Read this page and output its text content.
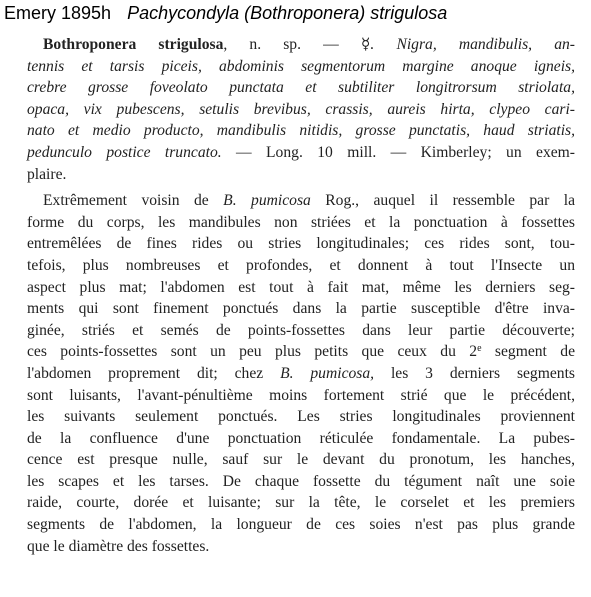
Emery 1895h Pachycondyla (Bothroponera) strigulosa
Bothroponera strigulosa, n. sp. — ☿. Nigra, mandibulis, an-
tennis et tarsis piceis, abdominis segmentorum margine anoque igneis,
crebre grosse foveolato punctata et subtiliter longitrorsum striolata,
opaca, vix pubescens, setulis brevibus, crassis, aureis hirta, clypeo cari-
nato et medio producto, mandibulis nitidis, grosse punctatis, haud striatis,
pedunculo postice truncato. — Long. 10 mill. — Kimberley; un exem-
plaire.
Extrêmement voisin de B. pumicosa Rog., auquel il ressemble par la
forme du corps, les mandibules non striées et la ponctuation à fossettes
entremêlées de fines rides ou stries longitudinales; ces rides sont, tou-
tefois, plus nombreuses et profondes, et donnent à tout l'Insecte un
aspect plus mat; l'abdomen est tout à fait mat, même les derniers seg-
ments qui sont finement ponctués dans la partie susceptible d'être inva-
ginée, striés et semés de points-fossettes dans leur partie découverte;
ces points-fossettes sont un peu plus petits que ceux du 2e segment de
l'abdomen proprement dit; chez B. pumicosa, les 3 derniers segments
sont luisants, l'avant-pénultième moins fortement strié que le précédent,
les suivants seulement ponctués. Les stries longitudinales proviennent
de la confluence d'une ponctuation réticulée fondamentale. La pubes-
cence est presque nulle, sauf sur le devant du pronotum, les hanches,
les scapes et les tarses. De chaque fossette du tégument naît une soie
raide, courte, dorée et luisante; sur la tête, le corselet et les premiers
segments de l'abdomen, la longueur de ces soies n'est pas plus grande
que le diamètre des fossettes.
